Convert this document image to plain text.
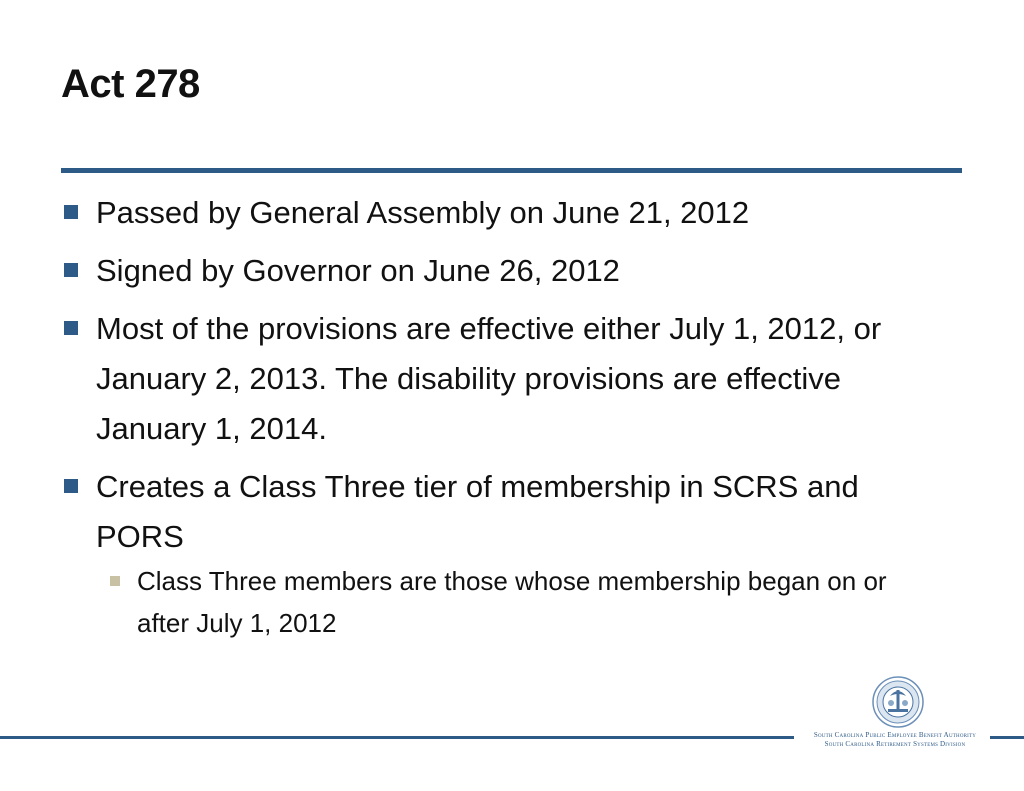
Act 278
Passed by General Assembly on June 21, 2012
Signed by Governor on June 26, 2012
Most of the provisions are effective either July 1, 2012, or January 2, 2013. The disability provisions are effective January 1, 2014.
Creates a Class Three tier of membership in SCRS and PORS
Class Three members are those whose membership began on or after July 1, 2012
South Carolina Public Employee Benefit Authority
South Carolina Retirement Systems Division
